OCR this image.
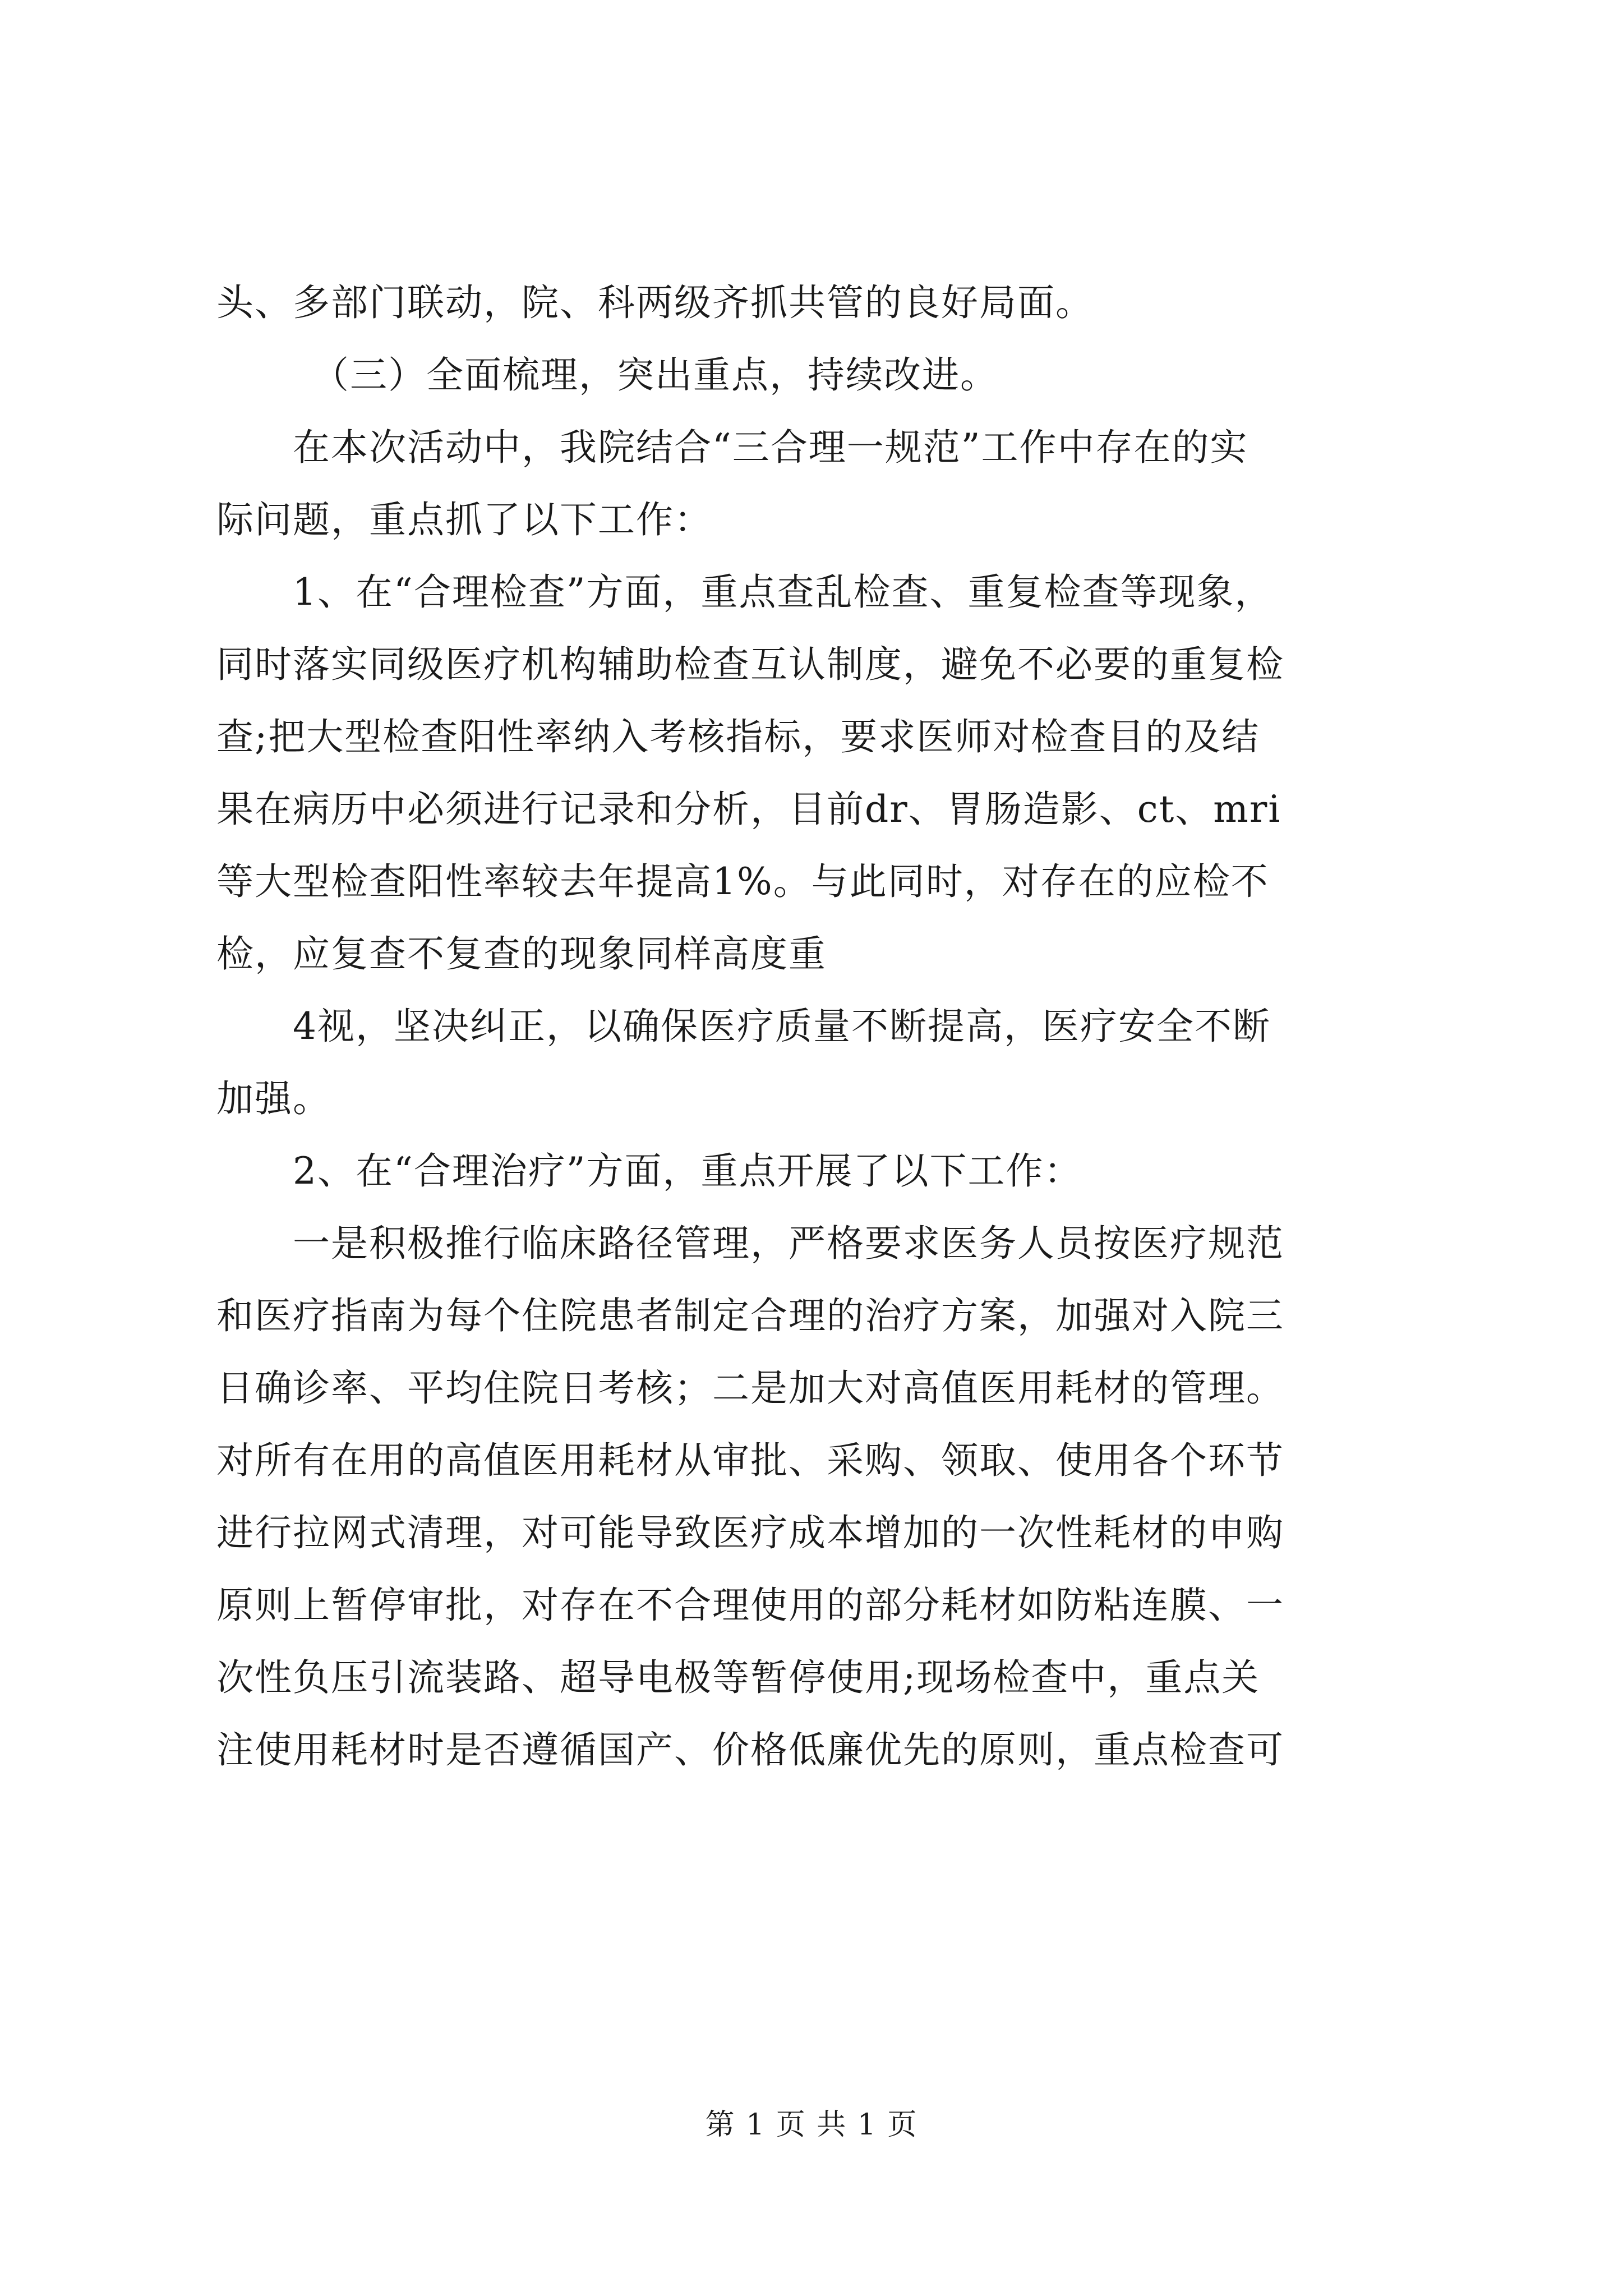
头、多部门联动，院、科两级齐抓共管的良好局面。

（三）全面梳理，突出重点，持续改进。

在本次活动中，我院结合“三合理一规范”工作中存在的实

际问题，重点抓了以下工作：

1、在“合理检查”方面，重点查乱检查、重复检查等现象，

同时落实同级医疗机构辅助检查互认制度，避免不必要的重复检

查;把大型检查阳性率纳入考核指标，要求医师对检查目的及结

果在病历中必须进行记录和分析，目前dr、胃肠造影、ct、mri

等大型检查阳性率较去年提高1%。与此同时，对存在的应检不

检，应复查不复查的现象同样高度重

4视，坚决纠正，以确保医疗质量不断提高，医疗安全不断

加强。

2、在“合理治疗”方面，重点开展了以下工作：

一是积极推行临床路径管理，严格要求医务人员按医疗规范

和医疗指南为每个住院患者制定合理的治疗方案，加强对入院三

日确诊率、平均住院日考核；二是加大对高值医用耗材的管理。

对所有在用的高值医用耗材从审批、采购、领取、使用各个环节

进行拉网式清理，对可能导致医疗成本增加的一次性耗材的申购

原则上暂停审批，对存在不合理使用的部分耗材如防粘连膜、一

次性负压引流装路、超导电极等暂停使用;现场检查中，重点关

注使用耗材时是否遵循国产、价格低廉优先的原则，重点检查可

第 1 页 共 1 页
